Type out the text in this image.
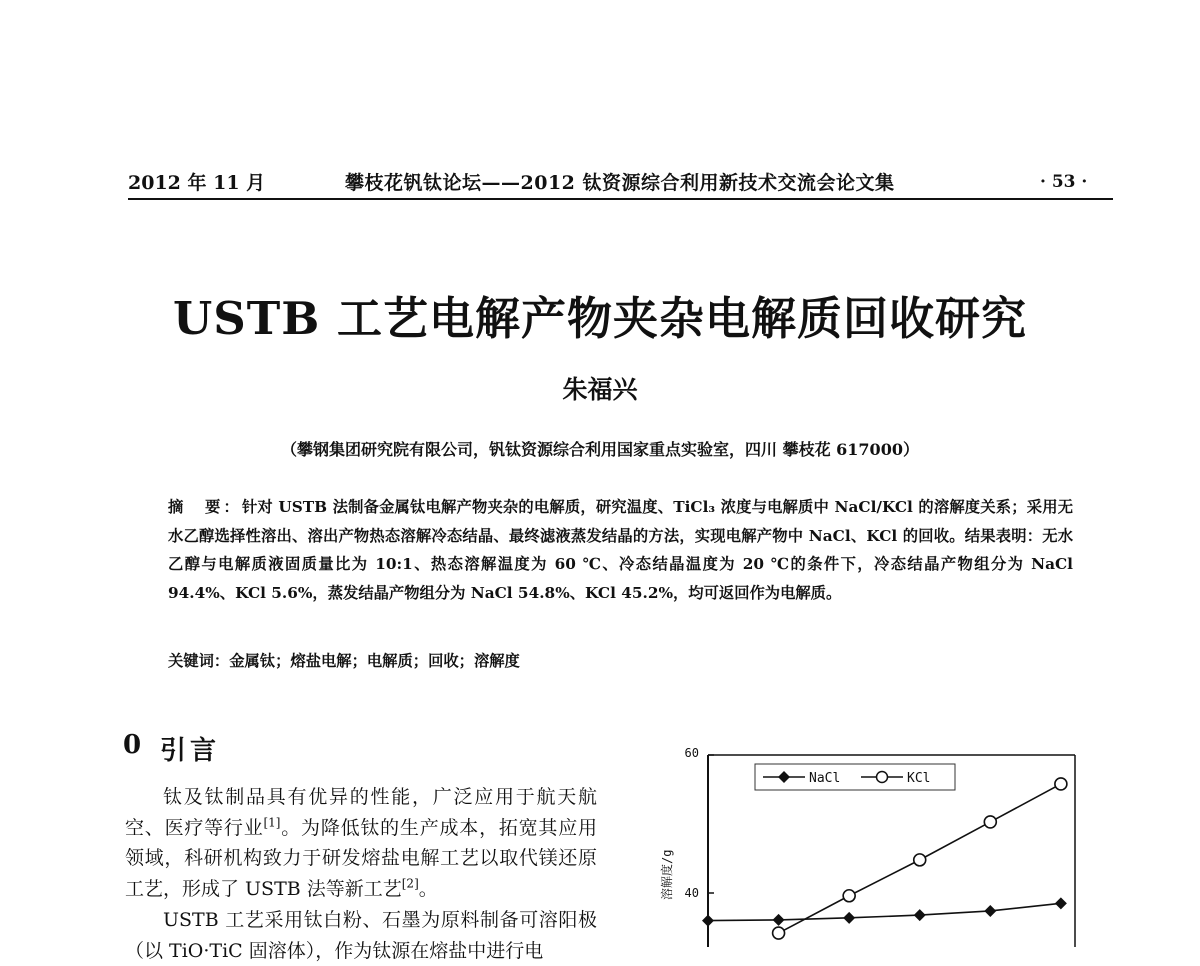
2012 年 11 月	攀枝花钒钛论坛——2012 钛资源综合利用新技术交流会论文集	· 53 ·
USTB 工艺电解产物夹杂电解质回收研究
朱福兴
（攀钢集团研究院有限公司，钒钛资源综合利用国家重点实验室，四川 攀枝花 617000）
摘　要：针对 USTB 法制备金属钛电解产物夹杂的电解质，研究温度、TiCl₃ 浓度与电解质中 NaCl/KCl 的溶解度关系；采用无水乙醇选择性溶出、溶出产物热态溶解冷态结晶、最终滤液蒸发结晶的方法，实现电解产物中 NaCl、KCl 的回收。结果表明：无水乙醇与电解质液固质量比为 10:1、热态溶解温度为 60 ℃、冷态结晶温度为 20 ℃的条件下，冷态结晶产物组分为 NaCl 94.4%、KCl 5.6%，蒸发结晶产物组分为 NaCl 54.8%、KCl 45.2%，均可返回作为电解质。
关键词：金属钛；熔盐电解；电解质；回收；溶解度
0 引言

钛及钛制品具有优异的性能，广泛应用于航天航空、医疗等行业[1]。为降低钛的生产成本，拓宽其应用领域，科研机构致力于研发熔盐电解工艺以取代镁还原工艺，形成了 USTB 法等新工艺[2]。

USTB 工艺采用钛白粉、石墨为原料制备可溶阳极（以 TiO·TiC 固溶体），作为钛源在熔盐中进行电

60
40
溶解度/g
NaCl	KCl
